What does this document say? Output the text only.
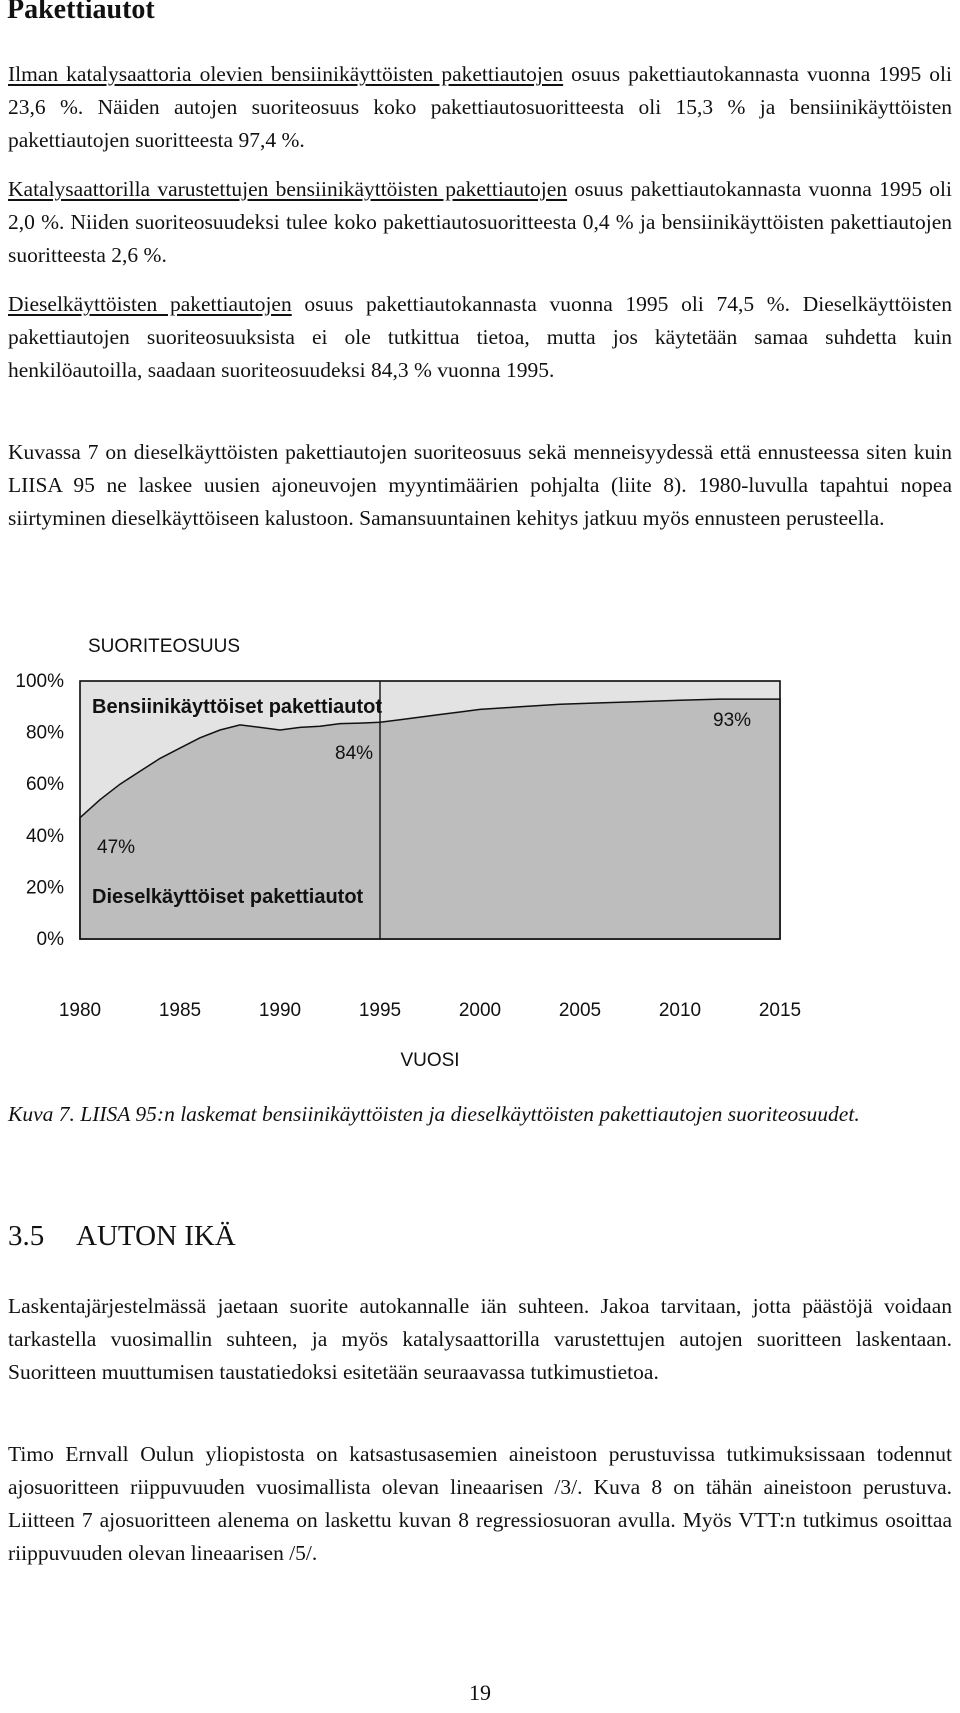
Pakettiautot

Ilman katalysaattoria olevien bensiinikäyttöisten pakettiautojen osuus pakettiautokannasta vuonna 1995 oli 23,6 %. Näiden autojen suoriteosuus koko pakettiautosuoritteesta oli 15,3 % ja bensiinikäyttöisten pakettiautojen suoritteesta 97,4 %.

Katalysaattorilla varustettujen bensiinikäyttöisten pakettiautojen osuus pakettiautokannasta vuonna 1995 oli 2,0 %. Niiden suoriteosuudeksi tulee koko pakettiautosuoritteesta 0,4 % ja bensiinikäyttöisten pakettiautojen suoritteesta 2,6 %.

Dieselkäyttöisten pakettiautojen osuus pakettiautokannasta vuonna 1995 oli 74,5 %. Dieselkäyttöisten pakettiautojen suoriteosuuksista ei ole tutkittua tietoa, mutta jos käytetään samaa suhdetta kuin henkilöautoilla, saadaan suoriteosuudeksi 84,3 % vuonna 1995.

Kuvassa 7 on dieselkäyttöisten pakettiautojen suoriteosuus sekä menneisyydessä että ennusteessa siten kuin LIISA 95 ne laskee uusien ajoneuvojen myyntimäärien pohjalta (liite 8). 1980-luvulla tapahtui nopea siirtyminen dieselkäyttöiseen kalustoon. Samansuuntainen kehitys jatkuu myös ennusteen perusteella.

SUORITEOSUUS
100%
80%
60%
40%
20%
0%
1980	1985	1990	1995	2000	2005	2010	2015
Bensiinikäyttöiset pakettiautot
Dieselkäyttöiset pakettiautot
47%
84%
93%
VUOSI

Kuva 7. LIISA 95:n laskemat bensiinikäyttöisten ja dieselkäyttöisten pakettiautojen suoriteosuudet.

3.5 AUTON IKÄ

Laskentajärjestelmässä jaetaan suorite autokannalle iän suhteen. Jakoa tarvitaan, jotta päästöjä voidaan tarkastella vuosimallin suhteen, ja myös katalysaattorilla varustettujen autojen suoritteen laskentaan. Suoritteen muuttumisen taustatiedoksi esitetään seuraavassa tutkimustietoa.

Timo Ernvall Oulun yliopistosta on katsastusasemien aineistoon perustuvissa tutkimuksissaan todennut ajosuoritteen riippuvuuden vuosimallista olevan lineaarisen /3/. Kuva 8 on tähän aineistoon perustuva. Liitteen 7 ajosuoritteen alenema on laskettu kuvan 8 regressiosuoran avulla. Myös VTT:n tutkimus osoittaa riippuvuuden olevan lineaarisen /5/.

19
